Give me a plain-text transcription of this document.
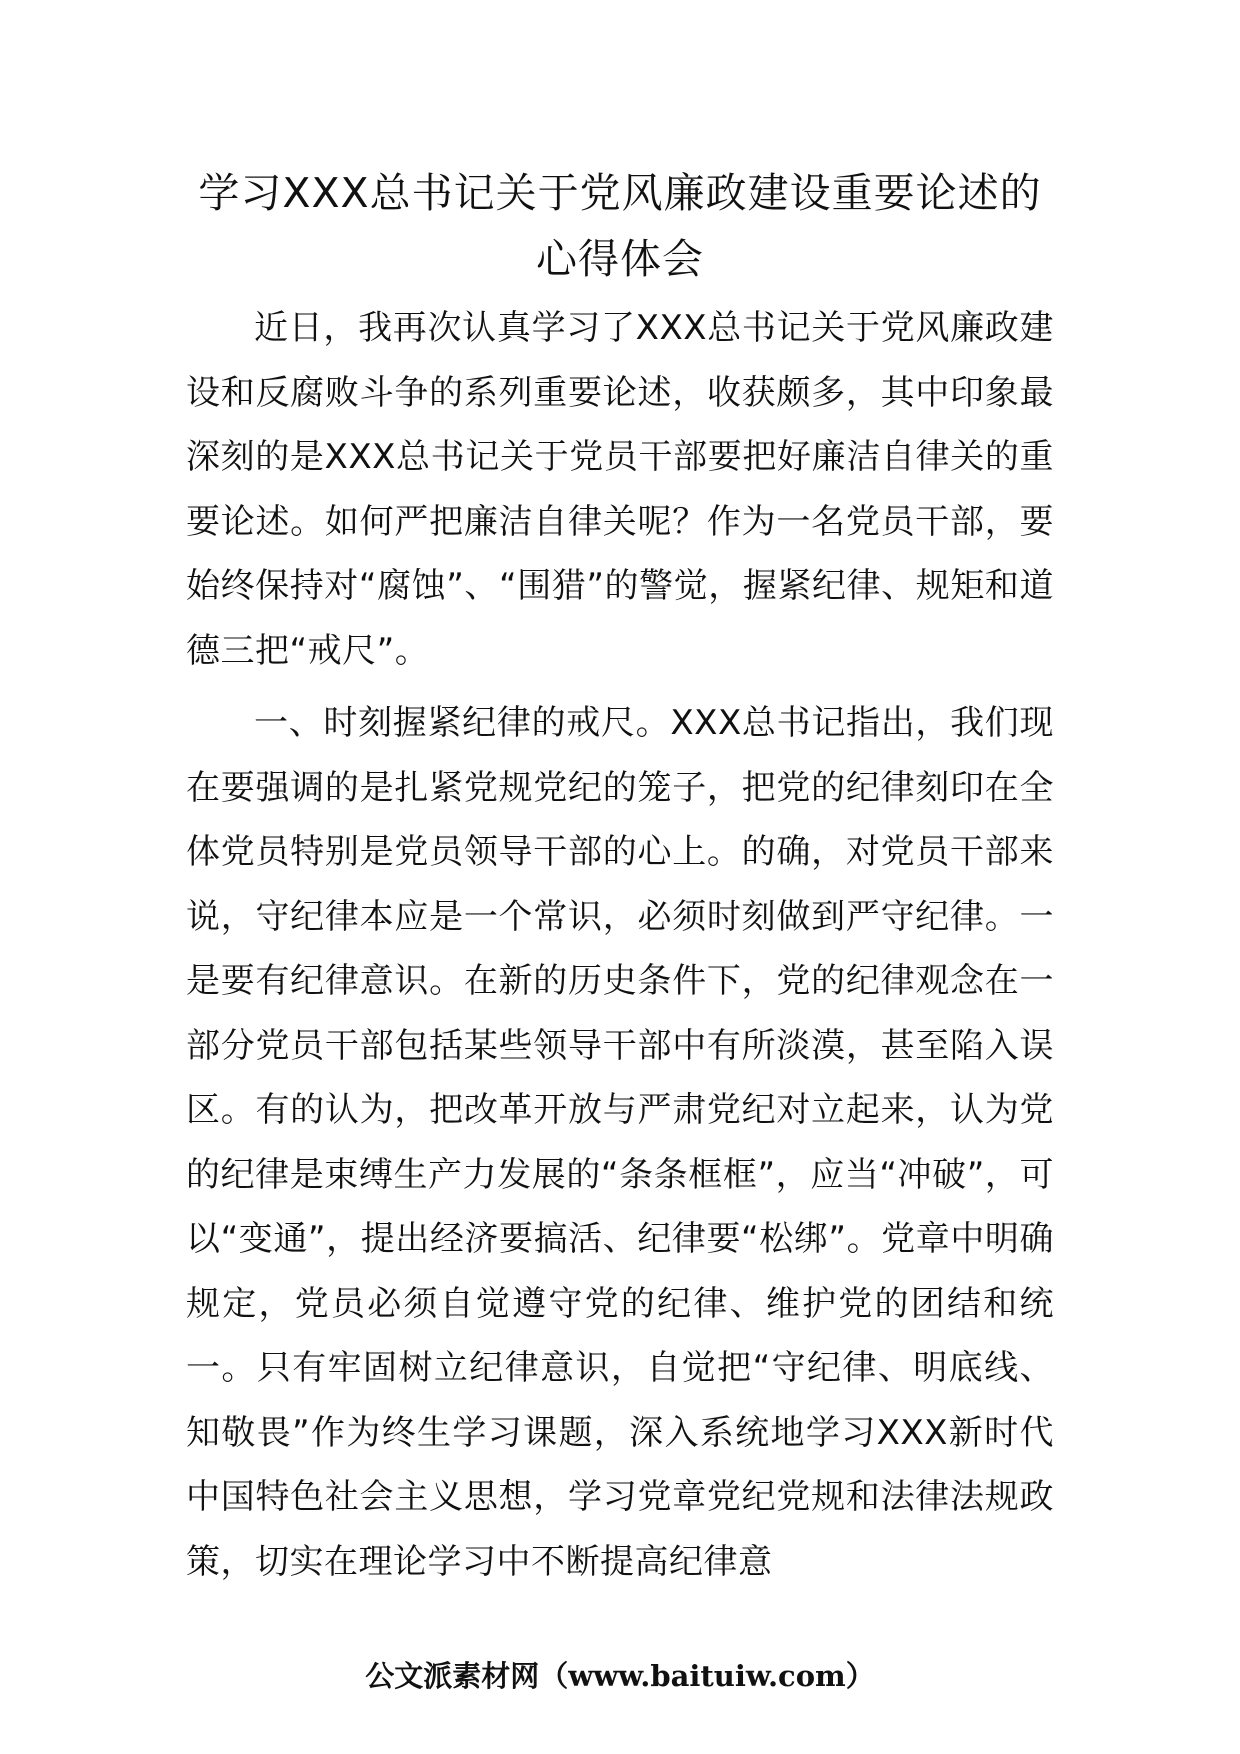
学习XXX总书记关于党风廉政建设重要论述的心得体会

近日，我再次认真学习了XXX总书记关于党风廉政建设和反腐败斗争的系列重要论述，收获颇多，其中印象最深刻的是XXX总书记关于党员干部要把好廉洁自律关的重要论述。如何严把廉洁自律关呢？作为一名党员干部，要始终保持对“腐蚀”、“围猎”的警觉，握紧纪律、规矩和道德三把“戒尺”。

一、时刻握紧纪律的戒尺。XXX总书记指出，我们现在要强调的是扎紧党规党纪的笼子，把党的纪律刻印在全体党员特别是党员领导干部的心上。的确，对党员干部来说，守纪律本应是一个常识，必须时刻做到严守纪律。一是要有纪律意识。在新的历史条件下，党的纪律观念在一部分党员干部包括某些领导干部中有所淡漠，甚至陷入误区。有的认为，把改革开放与严肃党纪对立起来，认为党的纪律是束缚生产力发展的“条条框框”，应当“冲破”，可以“变通”，提出经济要搞活、纪律要“松绑”。党章中明确规定，党员必须自觉遵守党的纪律、维护党的团结和统一。只有牢固树立纪律意识，自觉把“守纪律、明底线、知敬畏”作为终生学习课题，深入系统地学习XXX新时代中国特色社会主义思想，学习党章党纪党规和法律法规政策，切实在理论学习中不断提高纪律意

公文派素材网（www.baituiw.com）
